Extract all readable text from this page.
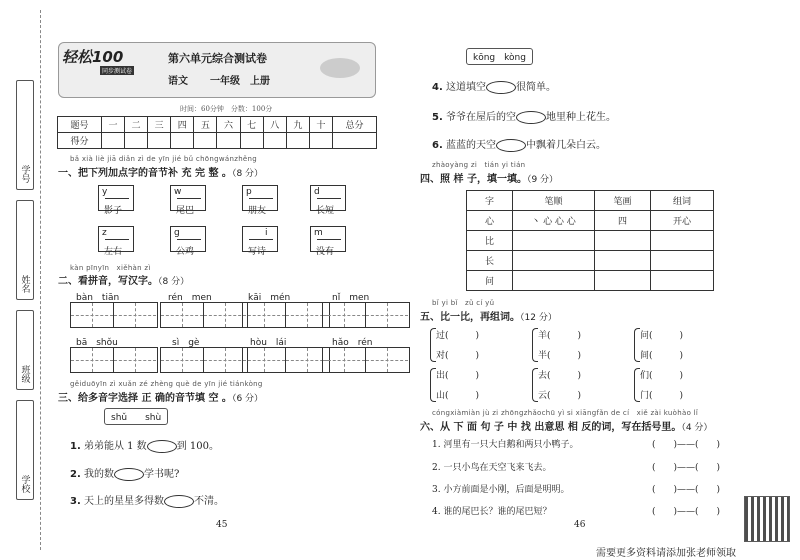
学号
姓名
班级
学校
轻松100
同步测试卷
第六单元综合测试卷
语文 一年级 上册
时间：60分钟　分数：100分
题号	一	二	三	四	五	六	七	八	九	十	总分
得分											
bǎ xià liè jiā diǎn zì de yīn jié bǔ chōngwánzhěng
一、把下列加点字的音节补 充 完 整 。（8 分）
y
影子
w
尾巴
p
朋友
d
长短
z
左右
g
公鸡
i
写诗
m
没有
kàn pīnyīn　xiěhàn zì
二、看拼音，写汉字。（8 分）
bàn　tiān	rén　men	kāi　mén	nǐ　men
bā　shǒu	sì　gè	hòu　lái	hǎo　rén
gěiduōyīn zì xuǎn zé zhèng què de yīn jié tiánkòng
三、给多音字选择 正 确的音节填 空 。（6 分）
shǔ　　shù
1. 弟弟能从 1 数	到 100。
2. 我的数	学书呢?
3. 天上的星星多得数	不清。
45
kōng　kòng
4. 这道填空	很简单。
5. 爷爷在屋后的空	地里种上花生。
6. 蓝蓝的天空	中飘着几朵白云。
zhàoyàng zi　tián yi tián
四、照 样 子，填一填。（9 分）
字	笔顺	笔画	组词
心	丶 心 心 心	四	开心
比			
长			
问			
bǐ yi bǐ　zǔ cí yǔ
五、比一比，再组词。（12 分）
过(　　　)
对(　　　)
羊(　　　)
半(　　　)
问(　　　)
间(　　　)
出(　　　)
山(　　　)
去(　　　)
云(　　　)
们(　　　)
门(　　　)
cóngxiàmiàn jù zi zhōngzhǎochū yì si xiāngfǎn de cí　xiě zài kuòhào lǐ
六、从 下 面 句 子 中 找 出意思 相 反的词，写在括号里。（4 分）
1. 河里有一只大白鹅和两只小鸭子。	(　　)——(　　)
2. 一只小鸟在天空飞来飞去。	(　　)——(　　)
3. 小方前面是小刚，后面是明明。	(　　)——(　　)
4. 谁的尾巴长？谁的尾巴短？	(　　)——(　　)
46
需要更多资料请添加张老师领取
